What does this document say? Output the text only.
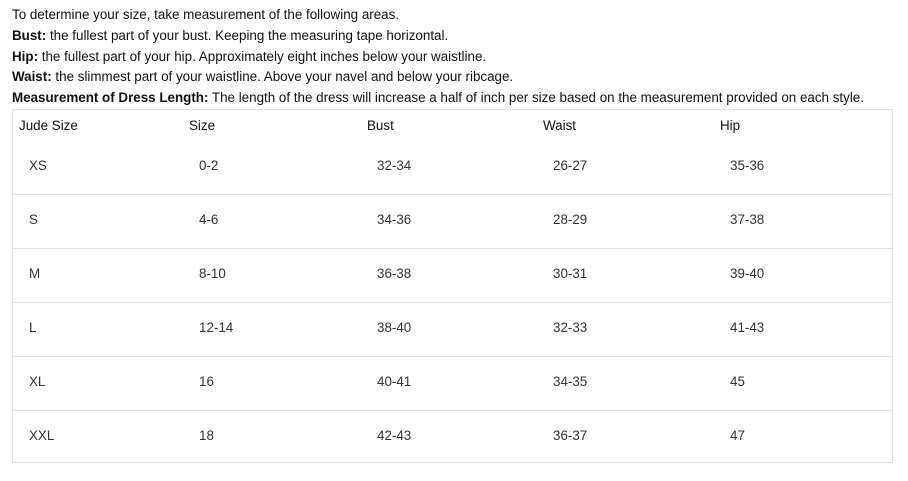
To determine your size, take measurement of the following areas.

Bust: the fullest part of your bust. Keeping the measuring tape horizontal.

Hip: the fullest part of your hip. Approximately eight inches below your waistline.

Waist: the slimmest part of your waistline. Above your navel and below your ribcage.

Measurement of Dress Length: The length of the dress will increase a half of inch per size based on the measurement provided on each style.

Jude Size	Size	Bust	Waist	Hip
XS	0-2	32-34	26-27	35-36
S	4-6	34-36	28-29	37-38
M	8-10	36-38	30-31	39-40
L	12-14	38-40	32-33	41-43
XL	16	40-41	34-35	45
XXL	18	42-43	36-37	47
